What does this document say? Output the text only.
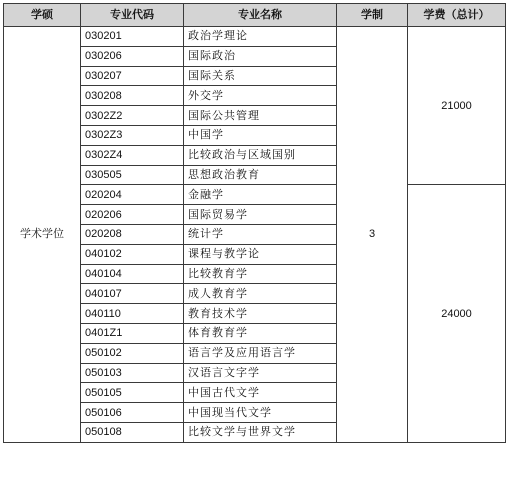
学硕	专业代码	专业名称	学制	学费（总计）
学术学位	030201	政治学理论	3	21000
	030206	国际政治		
	030207	国际关系		
	030208	外交学		
	0302Z2	国际公共管理		
	0302Z3	中国学		
	0302Z4	比较政治与区域国别		
	030505	思想政治教育		
	020204	金融学		24000
	020206	国际贸易学		
	020208	统计学		
	040102	课程与教学论		
	040104	比较教育学		
	040107	成人教育学		
	040110	教育技术学		
	0401Z1	体育教育学		
	050102	语言学及应用语言学		
	050103	汉语言文字学		
	050105	中国古代文学		
	050106	中国现当代文学		
	050108	比较文学与世界文学		
